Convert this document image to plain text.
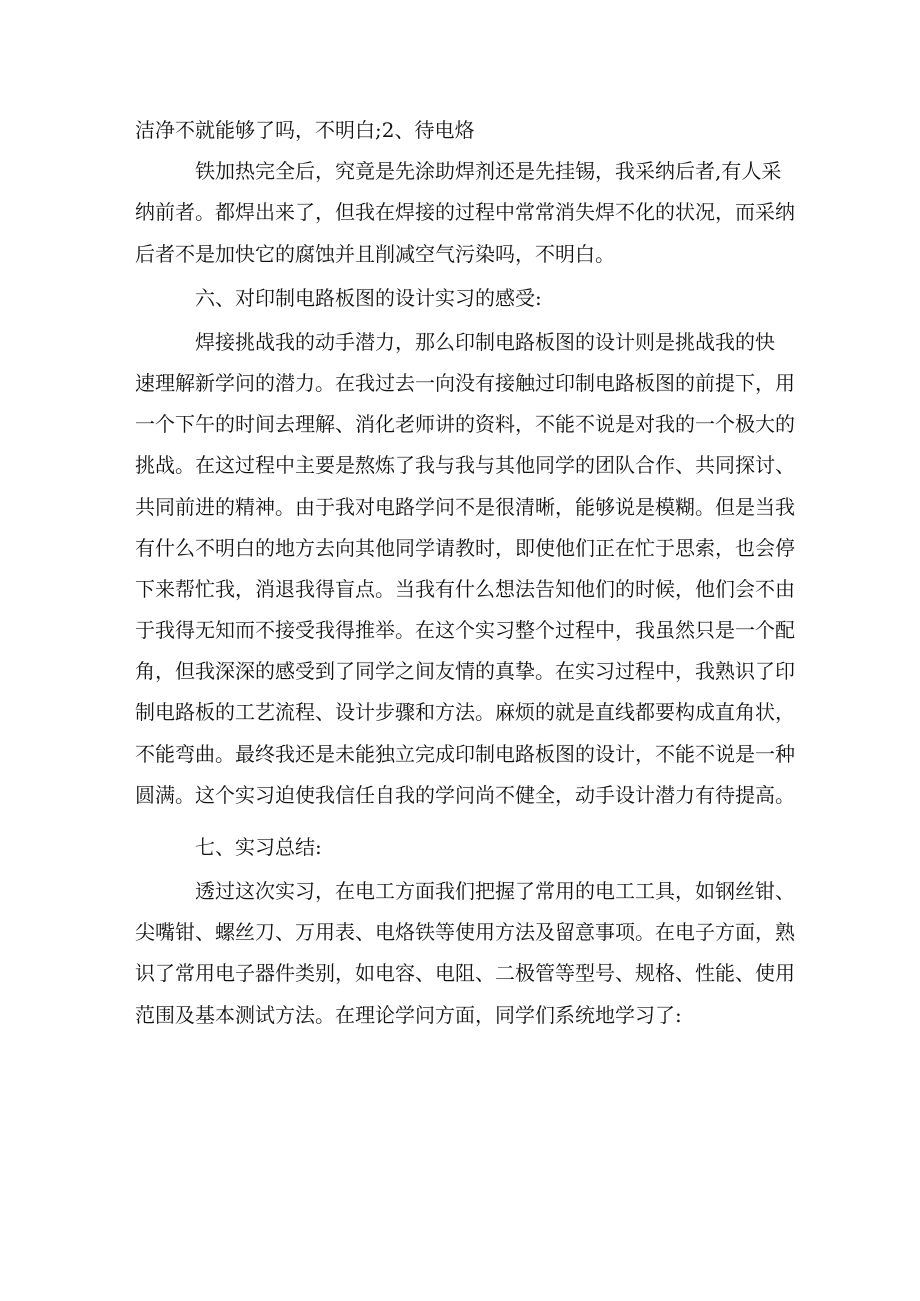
洁净不就能够了吗，不明白;2、待电烙
铁加热完全后，究竟是先涂助焊剂还是先挂锡，我采纳后者,有人采
纳前者。都焊出来了，但我在焊接的过程中常常消失焊不化的状况，而采纳
后者不是加快它的腐蚀并且削减空气污染吗，不明白。
六、对印制电路板图的设计实习的感受:
焊接挑战我的动手潜力，那么印制电路板图的设计则是挑战我的快
速理解新学问的潜力。在我过去一向没有接触过印制电路板图的前提下，用
一个下午的时间去理解、消化老师讲的资料，不能不说是对我的一个极大的
挑战。在这过程中主要是熬炼了我与我与其他同学的团队合作、共同探讨、
共同前进的精神。由于我对电路学问不是很清晰，能够说是模糊。但是当我
有什么不明白的地方去向其他同学请教时，即使他们正在忙于思索，也会停
下来帮忙我，消退我得盲点。当我有什么想法告知他们的时候，他们会不由
于我得无知而不接受我得推举。在这个实习整个过程中，我虽然只是一个配
角，但我深深的感受到了同学之间友情的真挚。在实习过程中，我熟识了印
制电路板的工艺流程、设计步骤和方法。麻烦的就是直线都要构成直角状，
不能弯曲。最终我还是未能独立完成印制电路板图的设计，不能不说是一种
圆满。这个实习迫使我信任自我的学问尚不健全，动手设计潜力有待提高。
七、实习总结:
透过这次实习，在电工方面我们把握了常用的电工工具，如钢丝钳、
尖嘴钳、螺丝刀、万用表、电烙铁等使用方法及留意事项。在电子方面，熟
识了常用电子器件类别，如电容、电阻、二极管等型号、规格、性能、使用
范围及基本测试方法。在理论学问方面，同学们系统地学习了:
